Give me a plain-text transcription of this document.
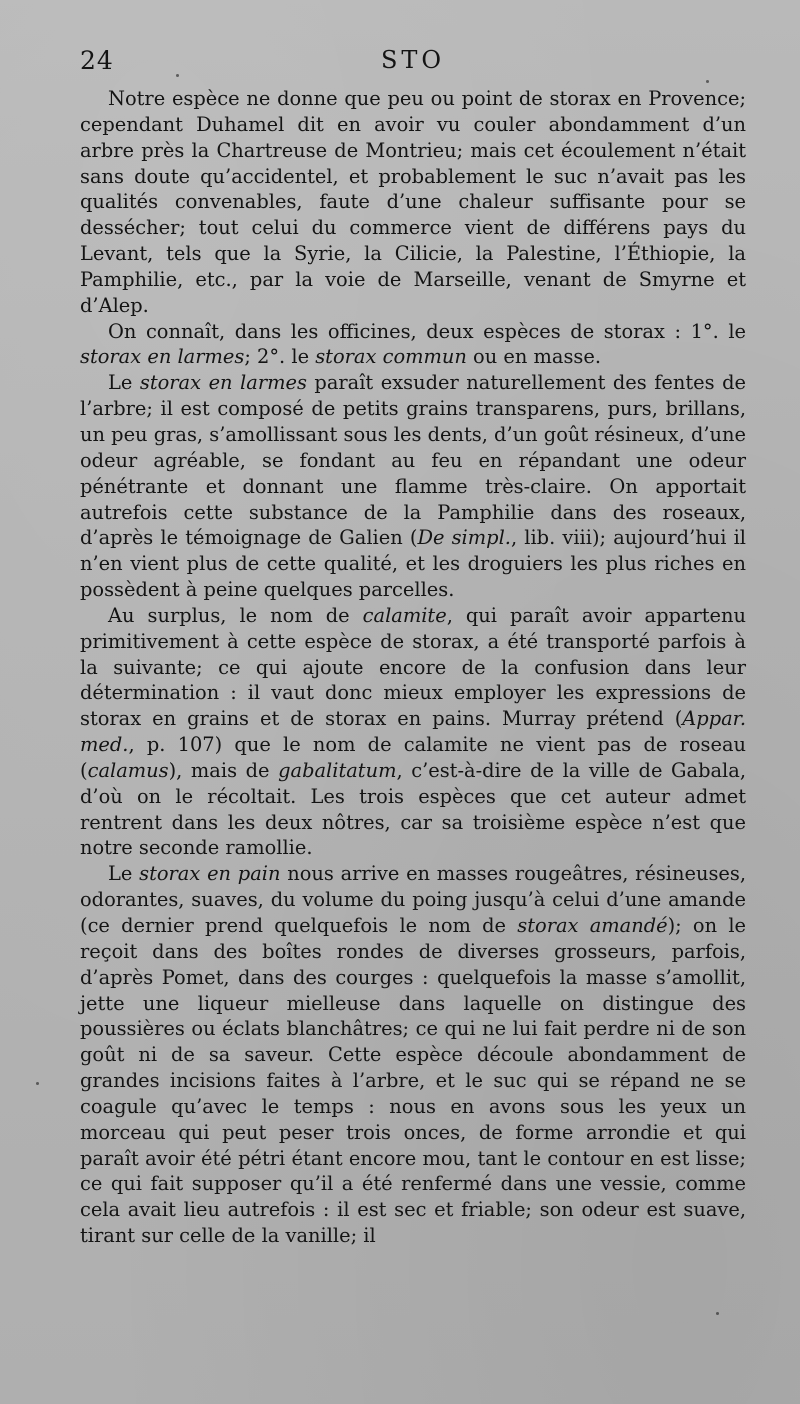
24	STO

Notre espèce ne donne que peu ou point de storax en Provence; cependant Duhamel dit en avoir vu couler abondamment d’un arbre près la Chartreuse de Montrieu; mais cet écoulement n’était sans doute qu’accidentel, et probablement le suc n’avait pas les qualités convenables, faute d’une chaleur suffisante pour se dessécher; tout celui du commerce vient de différens pays du Levant, tels que la Syrie, la Cilicie, la Palestine, l’Éthiopie, la Pamphilie, etc., par la voie de Marseille, venant de Smyrne et d’Alep.

On connaît, dans les officines, deux espèces de storax : 1°. le storax en larmes; 2°. le storax commun ou en masse.

Le storax en larmes paraît exsuder naturellement des fentes de l’arbre; il est composé de petits grains transparens, purs, brillans, un peu gras, s’amollissant sous les dents, d’un goût résineux, d’une odeur agréable, se fondant au feu en répandant une odeur pénétrante et donnant une flamme très-claire. On apportait autrefois cette substance de la Pamphilie dans des roseaux, d’après le témoignage de Galien (De simpl., lib. viii); aujourd’hui il n’en vient plus de cette qualité, et les droguiers les plus riches en possèdent à peine quelques parcelles.

Au surplus, le nom de calamite, qui paraît avoir appartenu primitivement à cette espèce de storax, a été transporté parfois à la suivante; ce qui ajoute encore de la confusion dans leur détermination : il vaut donc mieux employer les expressions de storax en grains et de storax en pains. Murray prétend (Appar. med., p. 107) que le nom de calamite ne vient pas de roseau (calamus), mais de gabalitatum, c’est-à-dire de la ville de Gabala, d’où on le récoltait. Les trois espèces que cet auteur admet rentrent dans les deux nôtres, car sa troisième espèce n’est que notre seconde ramollie.

Le storax en pain nous arrive en masses rougeâtres, résineuses, odorantes, suaves, du volume du poing jusqu’à celui d’une amande (ce dernier prend quelquefois le nom de storax amandé); on le reçoit dans des boîtes rondes de diverses grosseurs, parfois, d’après Pomet, dans des courges : quelquefois la masse s’amollit, jette une liqueur mielleuse dans laquelle on distingue des poussières ou éclats blanchâtres; ce qui ne lui fait perdre ni de son goût ni de sa saveur. Cette espèce découle abondamment de grandes incisions faites à l’arbre, et le suc qui se répand ne se coagule qu’avec le temps : nous en avons sous les yeux un morceau qui peut peser trois onces, de forme arrondie et qui paraît avoir été pétri étant encore mou, tant le contour en est lisse; ce qui fait supposer qu’il a été renfermé dans une vessie, comme cela avait lieu autrefois : il est sec et friable; son odeur est suave, tirant sur celle de la vanille; il
